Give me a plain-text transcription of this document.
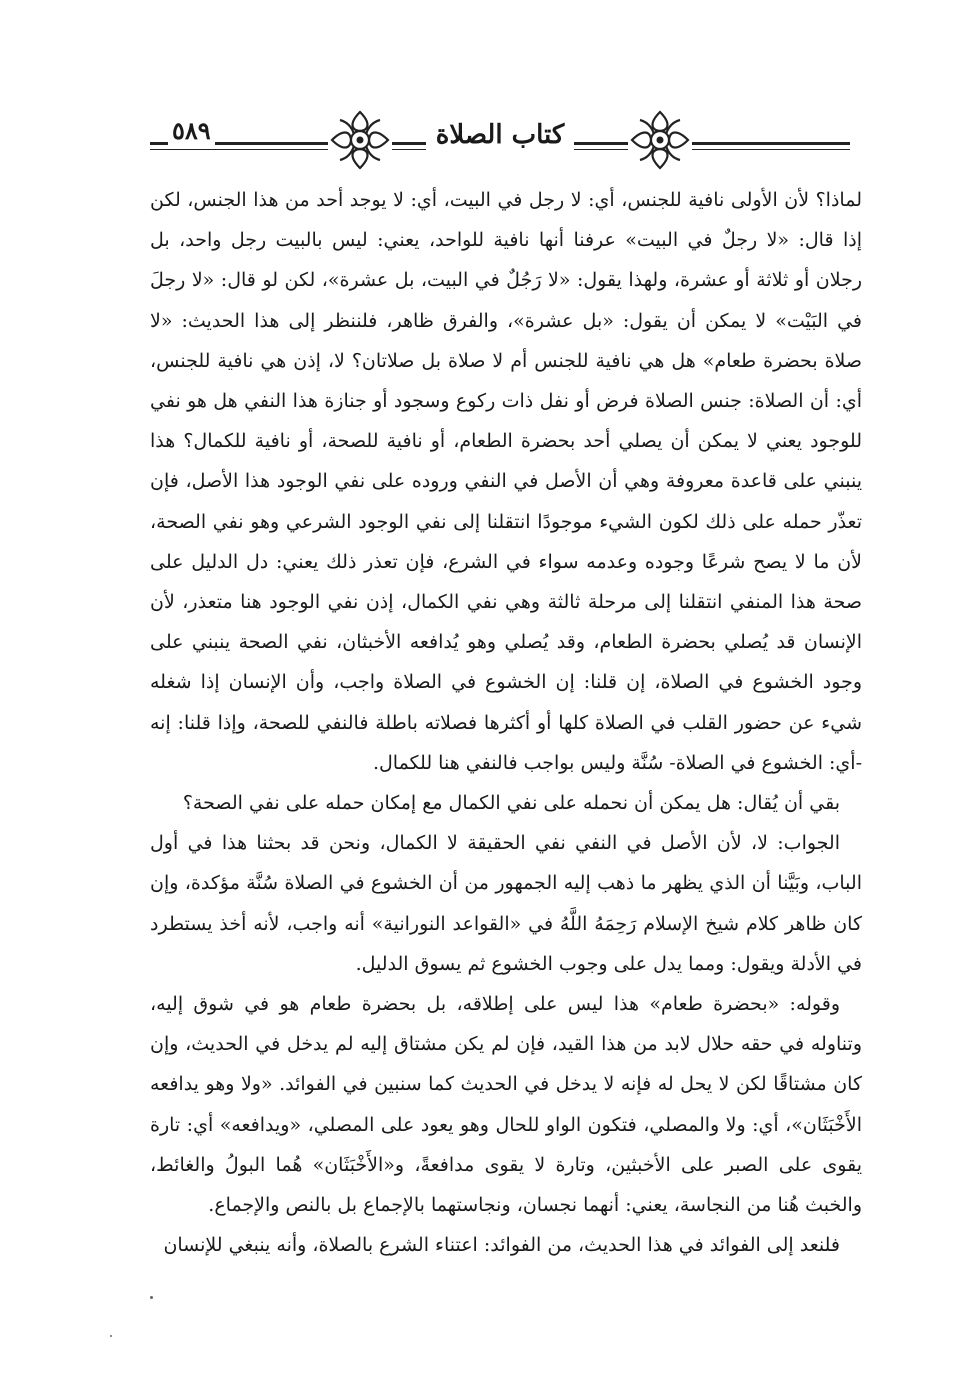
كتاب الصلاة
٥٨٩

لماذا؟ لأن الأولى نافية للجنس، أي: لا رجل في البيت، أي: لا يوجد أحد من هذا الجنس، لكن إذا قال: «لا رجلٌ في البيت» عرفنا أنها نافية للواحد، يعني: ليس بالبيت رجل واحد، بل رجلان أو ثلاثة أو عشرة، ولهذا يقول: «لا رَجُلٌ في البيت، بل عشرة»، لكن لو قال: «لا رجلَ في البَيْت» لا يمكن أن يقول: «بل عشرة»، والفرق ظاهر، فلننظر إلى هذا الحديث: «لا صلاة بحضرة طعام» هل هي نافية للجنس أم لا صلاة بل صلاتان؟ لا، إذن هي نافية للجنس، أي: أن الصلاة: جنس الصلاة فرض أو نفل ذات ركوع وسجود أو جنازة هذا النفي هل هو نفي للوجود يعني لا يمكن أن يصلي أحد بحضرة الطعام، أو نافية للصحة، أو نافية للكمال؟ هذا ينبني على قاعدة معروفة وهي أن الأصل في النفي وروده على نفي الوجود هذا الأصل، فإن تعذّر حمله على ذلك لكون الشيء موجودًا انتقلنا إلى نفي الوجود الشرعي وهو نفي الصحة، لأن ما لا يصح شرعًا وجوده وعدمه سواء في الشرع، فإن تعذر ذلك يعني: دل الدليل على صحة هذا المنفي انتقلنا إلى مرحلة ثالثة وهي نفي الكمال، إذن نفي الوجود هنا متعذر، لأن الإنسان قد يُصلي بحضرة الطعام، وقد يُصلي وهو يُدافعه الأخبثان، نفي الصحة ينبني على وجود الخشوع في الصلاة، إن قلنا: إن الخشوع في الصلاة واجب، وأن الإنسان إذا شغله شيء عن حضور القلب في الصلاة كلها أو أكثرها فصلاته باطلة فالنفي للصحة، وإذا قلنا: إنه -أي: الخشوع في الصلاة- سُنَّة وليس بواجب فالنفي هنا للكمال.

بقي أن يُقال: هل يمكن أن نحمله على نفي الكمال مع إمكان حمله على نفي الصحة؟

الجواب: لا، لأن الأصل في النفي نفي الحقيقة لا الكمال، ونحن قد بحثنا هذا في أول الباب، وبَيَّنا أن الذي يظهر ما ذهب إليه الجمهور من أن الخشوع في الصلاة سُنَّة مؤكدة، وإن كان ظاهر كلام شيخ الإسلام رَحِمَهُ اللَّهُ في «القواعد النورانية» أنه واجب، لأنه أخذ يستطرد في الأدلة ويقول: ومما يدل على وجوب الخشوع ثم يسوق الدليل.

وقوله: «بحضرة طعام» هذا ليس على إطلاقه، بل بحضرة طعام هو في شوق إليه، وتناوله في حقه حلال لابد من هذا القيد، فإن لم يكن مشتاق إليه لم يدخل في الحديث، وإن كان مشتاقًا لكن لا يحل له فإنه لا يدخل في الحديث كما سنبين في الفوائد. «ولا وهو يدافعه الأَخْبَثَان»، أي: ولا والمصلي، فتكون الواو للحال وهو يعود على المصلي، «ويدافعه» أي: تارة يقوى على الصبر على الأخبثين، وتارة لا يقوى مدافعةً، و«الأَخْبَثَان» هُما البولُ والغائط، والخبث هُنا من النجاسة، يعني: أنهما نجسان، ونجاستهما بالإجماع بل بالنص والإجماع.

فلنعد إلى الفوائد في هذا الحديث، من الفوائد: اعتناء الشرع بالصلاة، وأنه ينبغي للإنسان
